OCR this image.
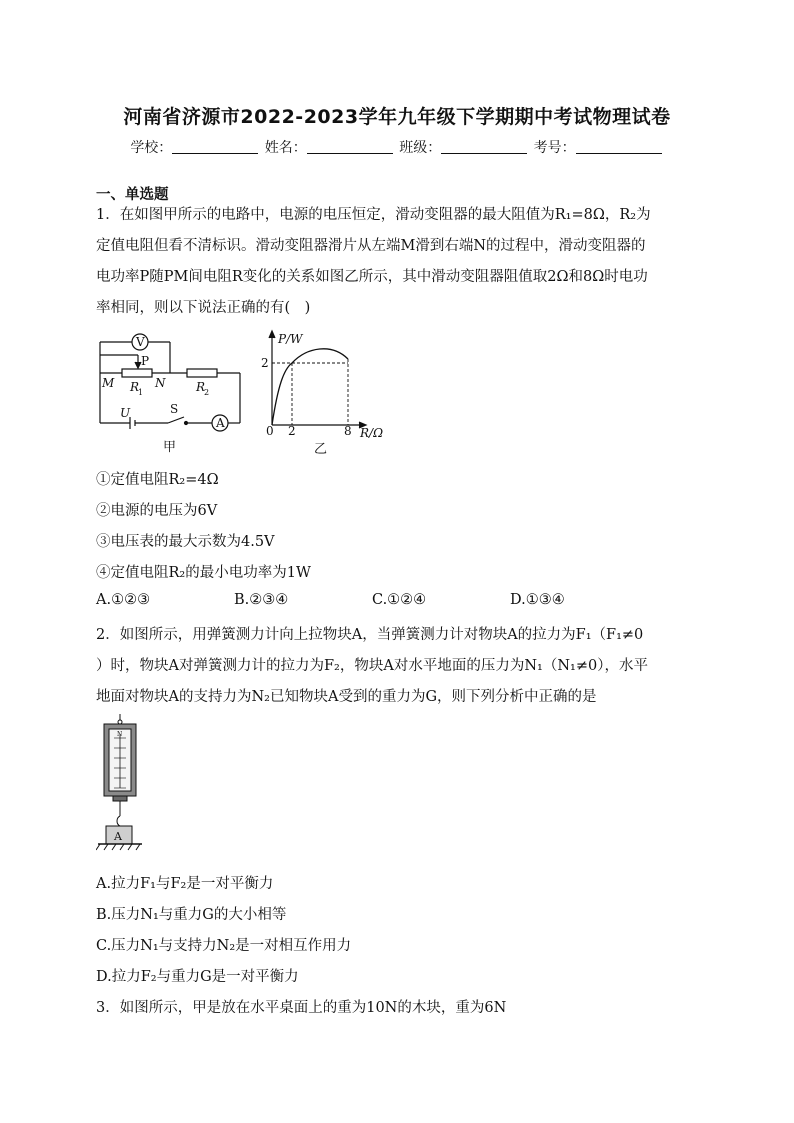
河南省济源市2022-2023学年九年级下学期期中考试物理试卷
学校：	姓名：	班级：	考号：
一、单选题
1．在如图甲所示的电路中，电源的电压恒定，滑动变阻器的最大阻值为R₁=8Ω，R₂为
定值电阻但看不清标识。滑动变阻器滑片从左端M滑到右端N的过程中，滑动变阻器的
电功率P随PM间电阻R变化的关系如图乙所示，其中滑动变阻器阻值取2Ω和8Ω时电功
率相同，则以下说法正确的有(　)
V
P
M	N
R
1	R
2
U	S
A
甲
P/W
2
0 2	8 R/Ω
乙
①定值电阻R₂=4Ω
②电源的电压为6V
③电压表的最大示数为4.5V
④定值电阻R₂的最小电功率为1W
A.①②③	B.②③④	C.①②④	D.①③④
2．如图所示，用弹簧测力计向上拉物块A，当弹簧测力计对物块A的拉力为F₁（F₁≠0
）时，物块A对弹簧测力计的拉力为F₂，物块A对水平地面的压力为N₁（N₁≠0），水平
地面对物块A的支持力为N₂已知物块A受到的重力为G，则下列分析中正确的是
N
A
A.拉力F₁与F₂是一对平衡力
B.压力N₁与重力G的大小相等
C.压力N₁与支持力N₂是一对相互作用力
D.拉力F₂与重力G是一对平衡力
3．如图所示，甲是放在水平桌面上的重为10N的木块，重为6N
